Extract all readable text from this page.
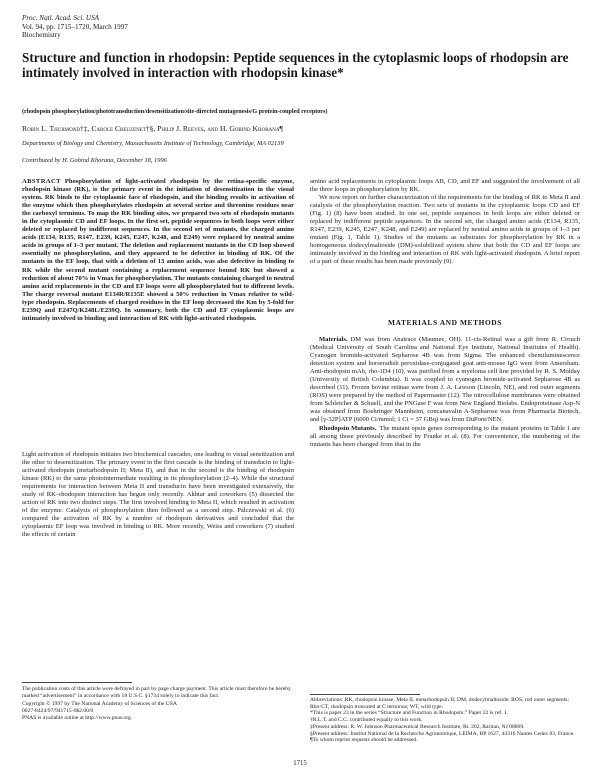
Proc. Natl. Acad. Sci. USA
Vol. 94, pp. 1715–1720, March 1997
Biochemistry
Structure and function in rhodopsin: Peptide sequences in the cytoplasmic loops of rhodopsin are intimately involved in interaction with rhodopsin kinase*
(rhodopsin phosphorylation/phototransduction/desensitization/site-directed mutagenesis/G protein-coupled receptors)
Robin L. Thurmond†‡, Carole Creuzenet†§, Philip J. Reeves, and H. Gobind Khorana¶
Departments of Biology and Chemistry, Massachusetts Institute of Technology, Cambridge, MA 02139
Contributed by H. Gobind Khorana, December 18, 1996

ABSTRACT Phosphorylation of light-activated rhodopsin by the retina-specific enzyme, rhodopsin kinase (RK), is the primary event in the initiation of desensitization in the visual system. RK binds to the cytoplasmic face of rhodopsin, and the binding results in activation of the enzyme which then phosphorylates rhodopsin at several serine and threonine residues near the carboxyl terminus. To map the RK binding sites, we prepared two sets of rhodopsin mutants in the cytoplasmic CD and EF loops. In the first set, peptide sequences in both loops were either deleted or replaced by indifferent sequences. In the second set of mutants, the charged amino acids (E134, R135, R147, E239, K245, E247, K248, and E249) were replaced by neutral amino acids in groups of 1–3 per mutant. The deletion and replacement mutants in the CD loop showed essentially no phosphorylation, and they appeared to be defective in binding of RK. Of the mutants in the EF loop, that with a deletion of 13 amino acids, was also defective in binding to RK while the second mutant containing a replacement sequence bound RK but showed a reduction of about 70% in Vmax for phosphorylation. The mutants containing charged to neutral amino acid replacements in the CD and EF loops were all phosphorylated but to different levels. The charge reversal mutant E134R/R135E showed a 50% reduction in Vmax relative to wild-type rhodopsin. Replacements of charged residues in the EF loop decreased the Km by 5-fold for E239Q and E247Q/K248L/E239Q. In summary, both the CD and EF cytoplasmic loops are intimately involved in binding and interaction of RK with light-activated rhodopsin.

Light activation of rhodopsin initiates two biochemical cascades, one leading to visual sensitization and the other to desensitization. The primary event in the first cascade is the binding of transducin to light-activated rhodopsin (metarhodopsin II; Meta II), and that in the second is the binding of rhodopsin kinase (RK) to the same photointermediate resulting in its phosphorylation (2–4). While the structural requirements for interaction between Meta II and transducin have been investigated extensively, the study of RK–rhodopsin interaction has begun only recently. Akhtar and coworkers (5) dissected the action of RK into two distinct steps. The first involved binding to Meta II, which resulted in activation of the enzyme. Catalysis of phosphorylation then followed as a second step. Palczewski et al. (6) compared the activation of RK by a number of rhodopsin derivatives and concluded that the cytoplasmic EF loop was involved in binding to RK. More recently, Weiss and coworkers (7) studied the effects of certain

amino acid replacements in cytoplasmic loops AB, CD, and EF and suggested the involvement of all the three loops in phosphorylation by RK.

We now report on further characterization of the requirements for the binding of RK to Meta II and catalysis of the phosphorylation reaction. Two sets of mutants in the cytoplasmic loops CD and EF (Fig. 1) (8) have been studied. In one set, peptide sequences in both loops are either deleted or replaced by indifferent peptide sequences. In the second set, the charged amino acids (E134, R135, R147, E239, K245, E247, K248, and E249) are replaced by neutral amino acids in groups of 1–3 per mutant (Fig. 1, Table 1). Studies of the mutants as substrates for phosphorylation by RK in a homogeneous dodecylmaltoside (DM)-solubilized system show that both the CD and EF loops are intimately involved in the binding and interaction of RK with light-activated rhodopsin. A brief report of a part of these results has been made previously (9).

MATERIALS AND METHODS

Materials. DM was from Anatrace (Maumee, OH). 11-cis-Retinal was a gift from R. Crouch (Medical University of South Carolina and National Eye Institute, National Institutes of Health). Cyanogen bromide-activated Sepharose 4B was from Sigma. The enhanced chemiluminescence detection system and horseradish peroxidase-conjugated goat anti-mouse IgG were from Amersham. Anti-rhodopsin mAb, rho-1D4 (10), was purified from a myeloma cell line provided by R. S. Molday (University of British Columbia). It was coupled to cyanogen bromide-activated Sepharose 4B as described (11). Frozen bovine retinae were from J. A. Lawson (Lincoln, NE), and rod outer segments (ROS) were prepared by the method of Papermaster (12). The nitrocellulose membranes were obtained from Schleicher & Schuell, and the PNGase F was from New England Biolabs. Endoproteinase Asp-N was obtained from Boehringer Mannheim, concanavalin A-Sepharose was from Pharmacia Biotech, and [γ-32P]ATP (6000 Ci/mmol; 1 Ci = 37 GBq) was from DuPont/NEN.

Rhodopsin Mutants. The mutant opsin genes corresponding to the mutant proteins in Table 1 are all among those previously described by Franke et al. (8). For convenience, the numbering of the mutants has been changed from that in the

The publication costs of this article were defrayed in part by page charge payment. This article must therefore be hereby marked “advertisement” in accordance with 18 U.S.C. §1734 solely to indicate this fact.

Copyright © 1997 by The National Academy of Sciences of the USA

0027-8424/97/941715-6$2.00/0

PNAS is available online at http://www.pnas.org.

Abbreviations: RK, rhodopsin kinase; Meta II, metarhodopsin II; DM, dodecylmaltoside; ROS, rod outer segments; Rho-CT, rhodopsin truncated at C terminus; WT, wild type.

*This is paper 23 in the series “Structure and Function in Rhodopsin.” Paper 22 is ref. 1.

†R.L.T. and C.C. contributed equally to this work.

‡Present address: R. W. Johnson Pharmaceutical Research Institute, Rt. 202, Raritan, NJ 08869.

§Present address: Institut National de la Recherche Agronomique, LEIMA, BP 1627, 44316 Nantes Cedex 03, France.

¶To whom reprint requests should be addressed.

1715
